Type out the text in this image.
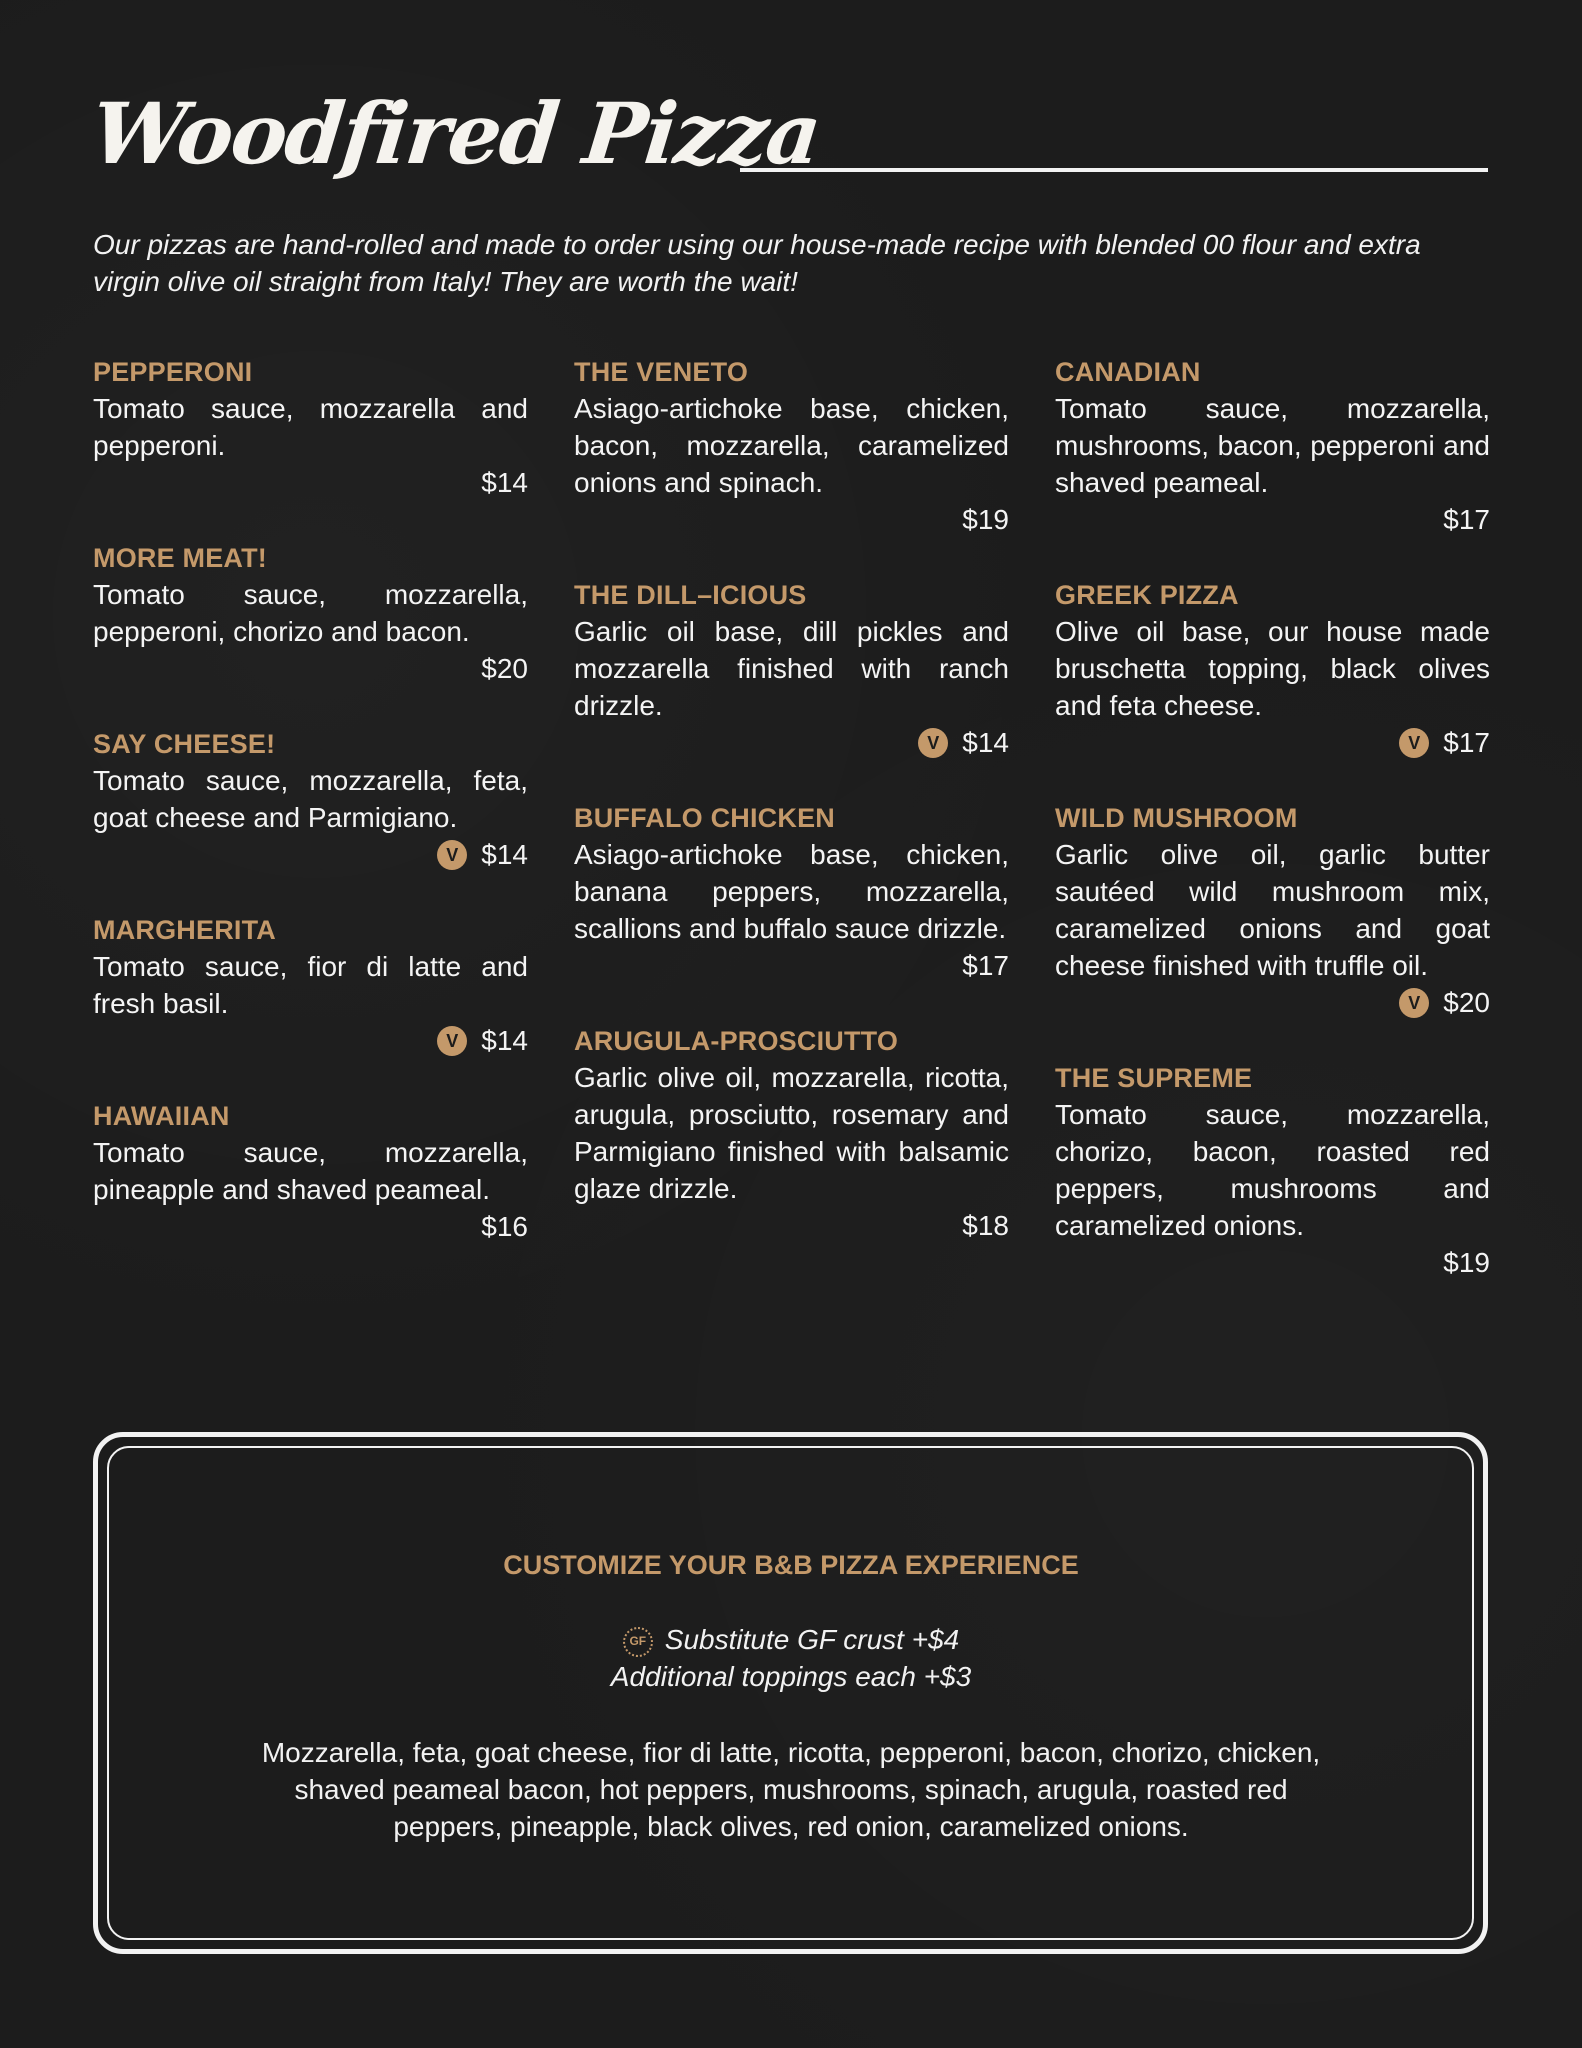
Woodfired Pizza
Our pizzas are hand-rolled and made to order using our house-made recipe with blended 00 flour and extra virgin olive oil straight from Italy! They are worth the wait!
PEPPERONI
Tomato sauce, mozzarella and pepperoni.
$14
MORE MEAT!
Tomato sauce, mozzarella, pepperoni, chorizo and bacon.
$20
SAY CHEESE!
Tomato sauce, mozzarella, feta, goat cheese and Parmigiano.
V $14
MARGHERITA
Tomato sauce, fior di latte and fresh basil.
V $14
HAWAIIAN
Tomato sauce, mozzarella, pineapple and shaved peameal.
$16
THE VENETO
Asiago-artichoke base, chicken, bacon, mozzarella, caramelized onions and spinach.
$19
THE DILL–ICIOUS
Garlic oil base, dill pickles and mozzarella finished with ranch drizzle.
V $14
BUFFALO CHICKEN
Asiago-artichoke base, chicken, banana peppers, mozzarella, scallions and buffalo sauce drizzle.
$17
ARUGULA-PROSCIUTTO
Garlic olive oil, mozzarella, ricotta, arugula, prosciutto, rosemary and Parmigiano finished with balsamic glaze drizzle.
$18
CANADIAN
Tomato sauce, mozzarella, mushrooms, bacon, pepperoni and shaved peameal.
$17
GREEK PIZZA
Olive oil base, our house made bruschetta topping, black olives and feta cheese.
V $17
WILD MUSHROOM
Garlic olive oil, garlic butter sautéed wild mushroom mix, caramelized onions and goat cheese finished with truffle oil.
V $20
THE SUPREME
Tomato sauce, mozzarella, chorizo, bacon, roasted red peppers, mushrooms and caramelized onions.
$19
CUSTOMIZE YOUR B&B PIZZA EXPERIENCE
GF Substitute GF crust +$4
Additional toppings each +$3
Mozzarella, feta, goat cheese, fior di latte, ricotta, pepperoni, bacon, chorizo, chicken, shaved peameal bacon, hot peppers, mushrooms, spinach, arugula, roasted red peppers, pineapple, black olives, red onion, caramelized onions.
